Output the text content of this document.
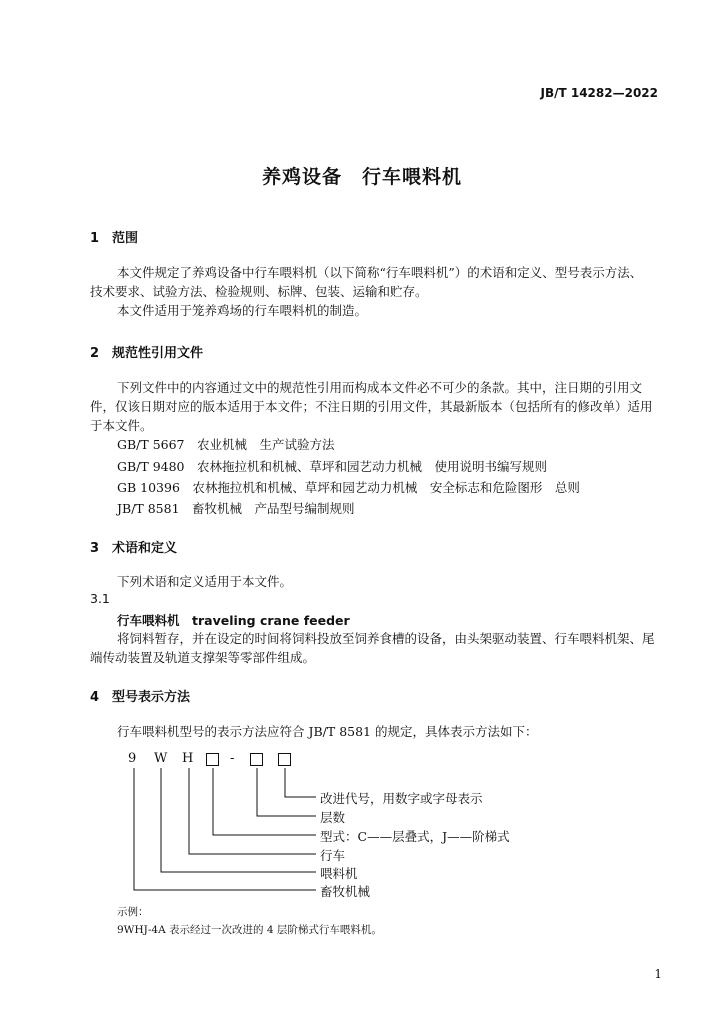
JB/T 14282—2022
养鸡设备　行车喂料机
1 范围
本文件规定了养鸡设备中行车喂料机（以下简称“行车喂料机”）的术语和定义、型号表示方法、
技术要求、试验方法、检验规则、标牌、包装、运输和贮存。
本文件适用于笼养鸡场的行车喂料机的制造。
2 规范性引用文件
下列文件中的内容通过文中的规范性引用而构成本文件必不可少的条款。其中，注日期的引用文
件，仅该日期对应的版本适用于本文件；不注日期的引用文件，其最新版本（包括所有的修改单）适用
于本文件。
GB/T 5667　农业机械　生产试验方法
GB/T 9480　农林拖拉机和机械、草坪和园艺动力机械　使用说明书编写规则
GB 10396　农林拖拉机和机械、草坪和园艺动力机械　安全标志和危险图形　总则
JB/T 8581　畜牧机械　产品型号编制规则
3 术语和定义
下列术语和定义适用于本文件。
3.1
行车喂料机　traveling crane feeder
将饲料暂存，并在设定的时间将饲料投放至饲养食槽的设备，由头架驱动装置、行车喂料机架、尾
端传动装置及轨道支撑架等零部件组成。
4 型号表示方法
行车喂料机型号的表示方法应符合 JB/T 8581 的规定，具体表示方法如下：
9 W H	-
改进代号，用数字或字母表示
层数
型式：C——层叠式，J——阶梯式
行车
喂料机
畜牧机械
示例：
9WHJ-4A 表示经过一次改进的 4 层阶梯式行车喂料机。
1
